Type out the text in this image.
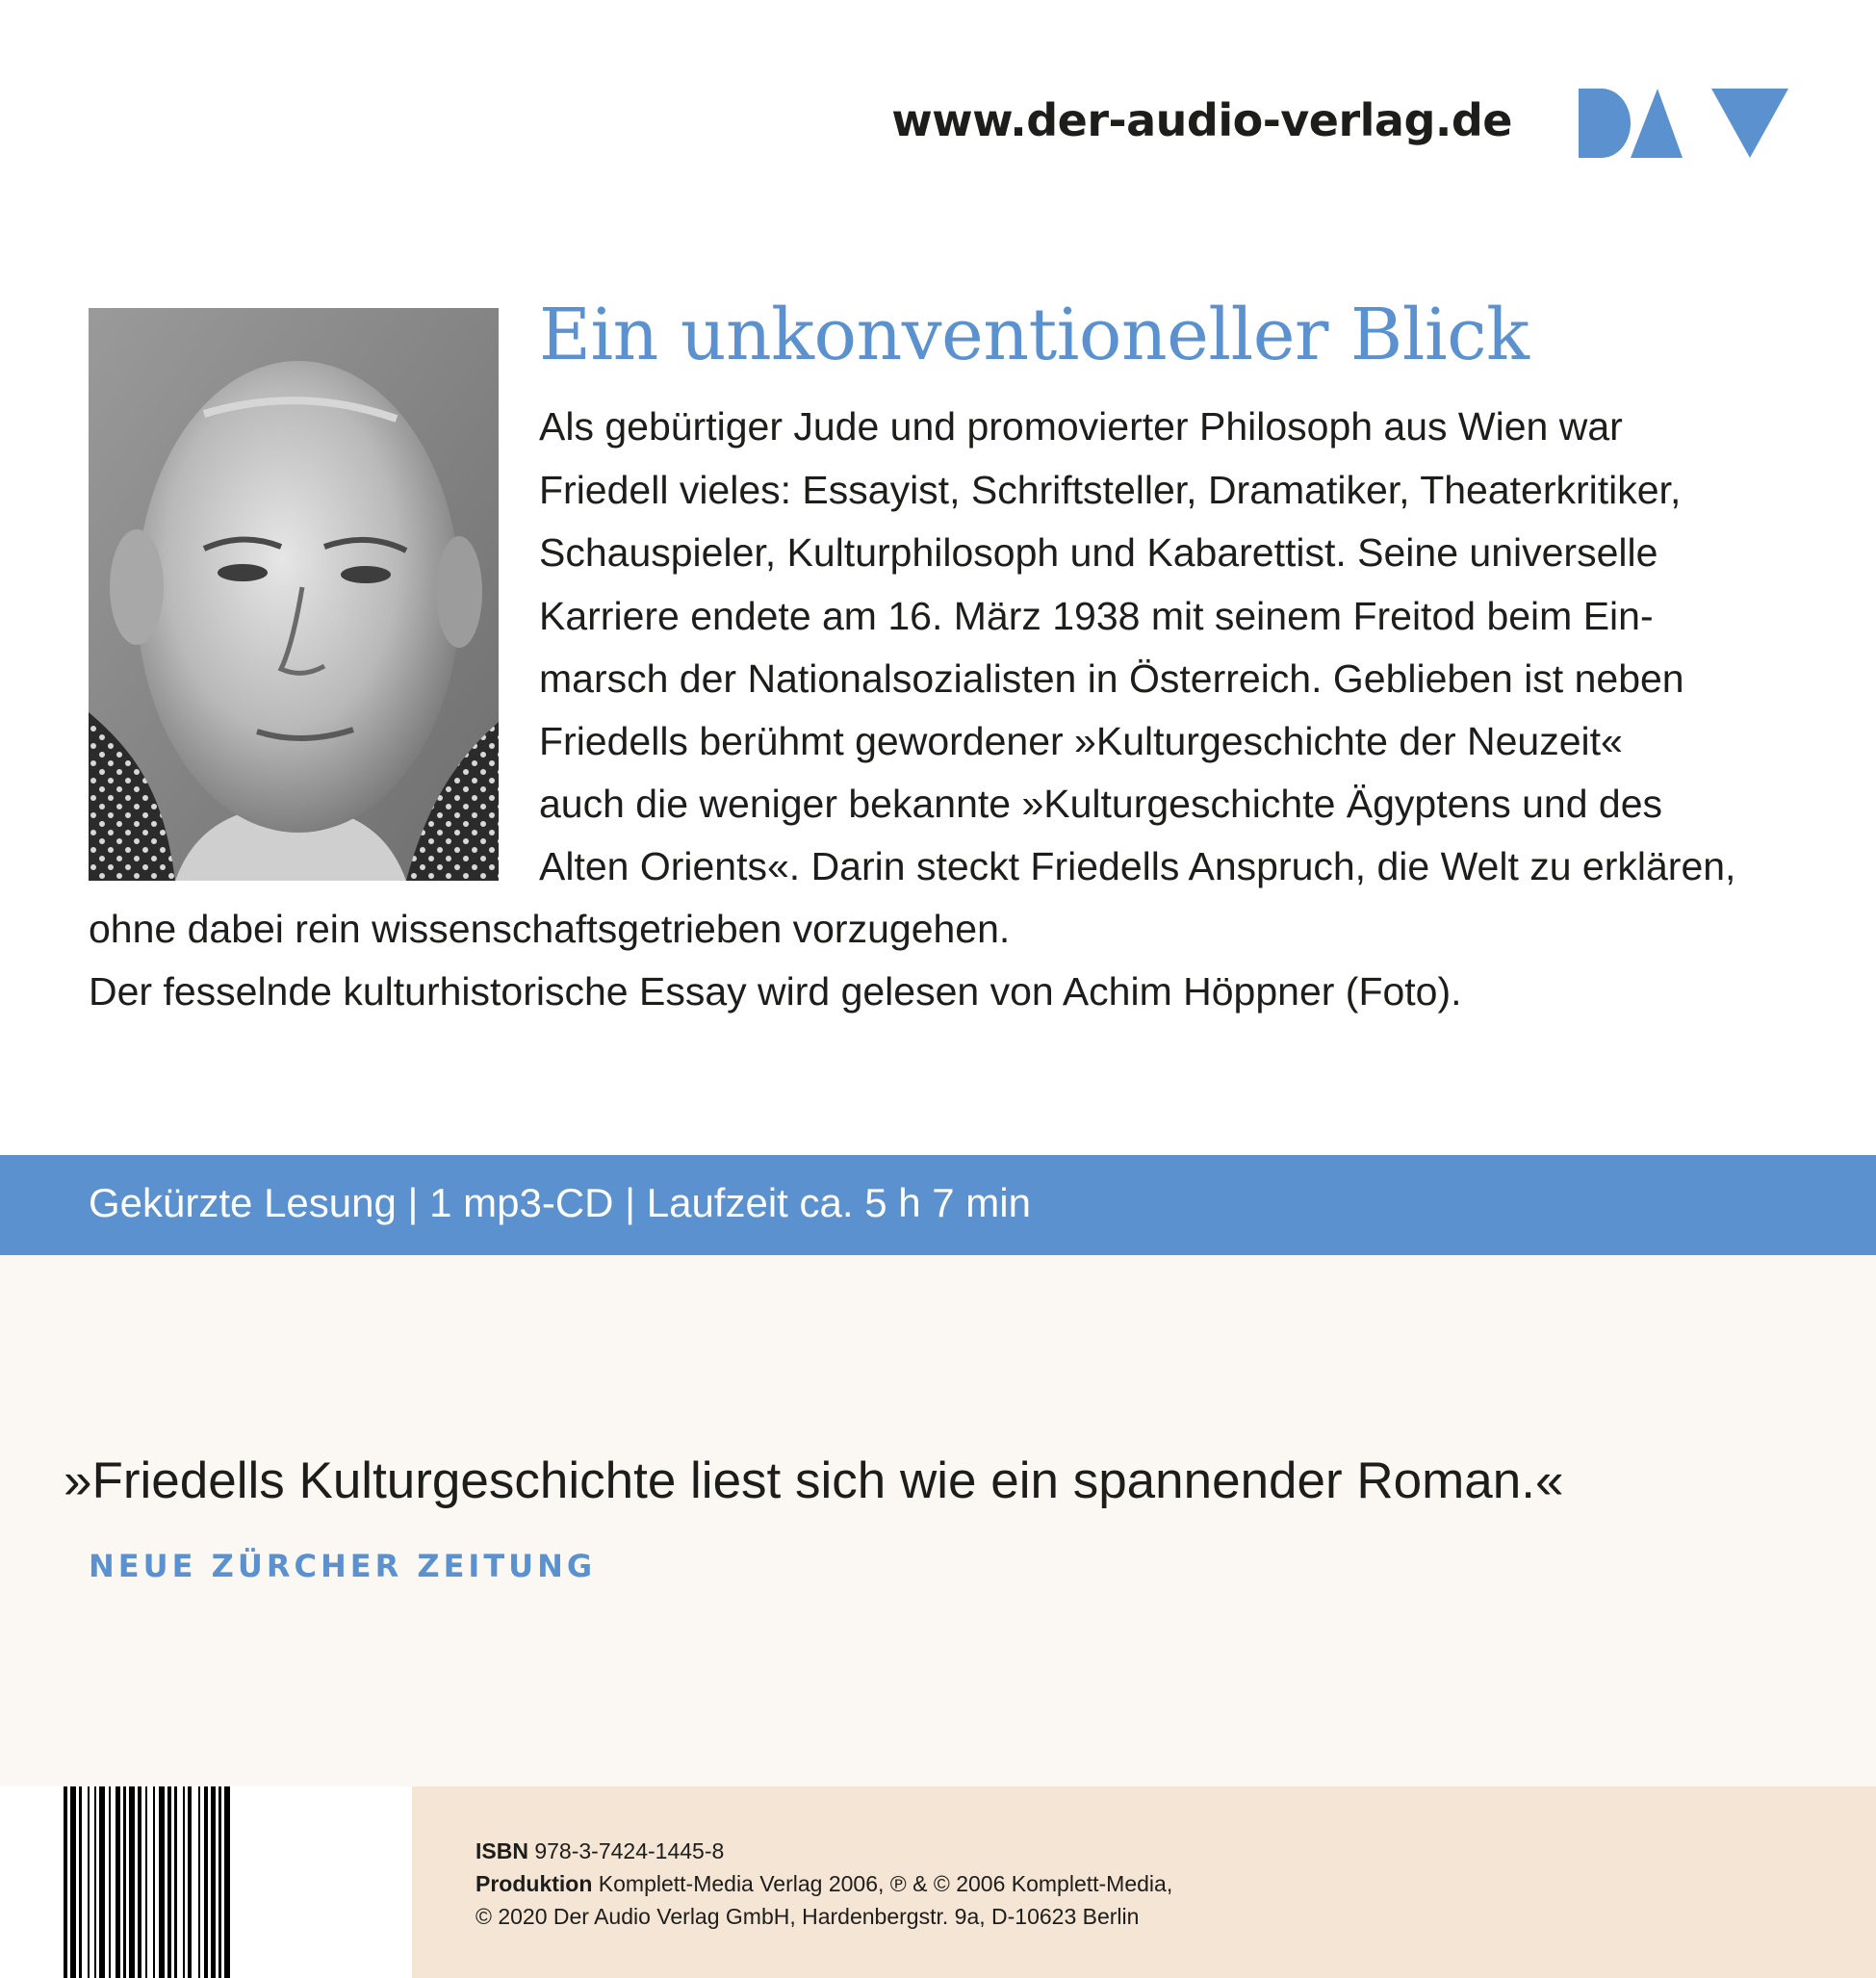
www.der-audio-verlag.de
Ein unkonventioneller Blick
Als gebürtiger Jude und promovierter Philosoph aus Wien war
Friedell vieles: Essayist, Schriftsteller, Dramatiker, Theaterkritiker,
Schauspieler, Kulturphilosoph und Kabarettist. Seine universelle
Karriere endete am 16. März 1938 mit seinem Freitod beim Ein-
marsch der Nationalsozialisten in Österreich. Geblieben ist neben
Friedells berühmt gewordener »Kulturgeschichte der Neuzeit«
auch die weniger bekannte »Kulturgeschichte Ägyptens und des
Alten Orients«. Darin steckt Friedells Anspruch, die Welt zu erklären,
ohne dabei rein wissenschaftsgetrieben vorzugehen.
Der fesselnde kulturhistorische Essay wird gelesen von Achim Höppner (Foto).
Gekürzte Lesung | 1 mp3-CD | Laufzeit ca. 5 h 7 min
»Friedells Kulturgeschichte liest sich wie ein spannender Roman.«
NEUE ZÜRCHER ZEITUNG
ISBN 978-3-7424-1445-8
Produktion Komplett-Media Verlag 2006, ℗ & © 2006 Komplett-Media,
© 2020 Der Audio Verlag GmbH, Hardenbergstr. 9a, D-10623 Berlin
